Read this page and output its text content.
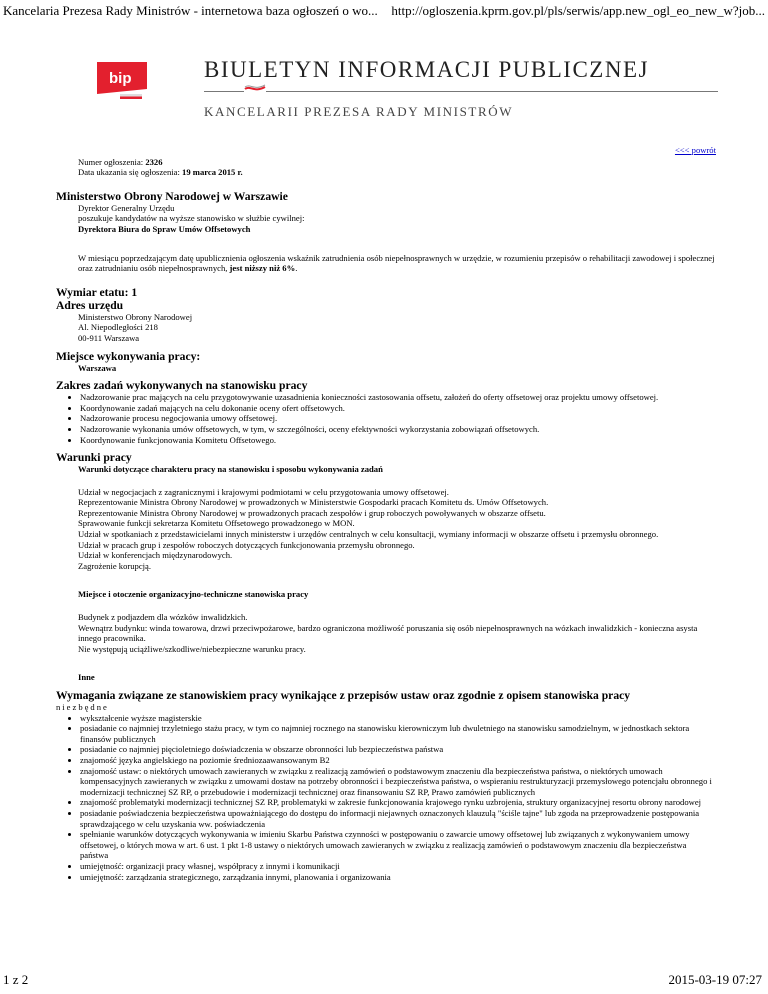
Kancelaria Prezesa Rady Ministrów - internetowa baza ogłoszeń o wo... http://ogloszenia.kprm.gov.pl/pls/serwis/app.new_ogl_eo_new_w?job...
bip	BIULETYN INFORMACJI PUBLICZNEJ
KANCELARII PREZESA RADY MINISTRÓW
<<< powrót
Numer ogłoszenia: 2326
Data ukazania się ogłoszenia: 19 marca 2015 r.
Ministerstwo Obrony Narodowej w Warszawie
Dyrektor Generalny Urzędu
poszukuje kandydatów na wyższe stanowisko w służbie cywilnej:
Dyrektora Biura do Spraw Umów Offsetowych
W miesiącu poprzedzającym datę upublicznienia ogłoszenia wskaźnik zatrudnienia osób niepełnosprawnych w urzędzie, w rozumieniu przepisów o rehabilitacji zawodowej i społecznej oraz zatrudnianiu osób niepełnosprawnych, jest niższy niż 6%.
Wymiar etatu: 1
Adres urzędu
Ministerstwo Obrony Narodowej
Al. Niepodległości 218
00-911 Warszawa
Miejsce wykonywania pracy:
Warszawa
Zakres zadań wykonywanych na stanowisku pracy
• Nadzorowanie prac mających na celu przygotowywanie uzasadnienia konieczności zastosowania offsetu, założeń do oferty offsetowej oraz projektu umowy offsetowej.
• Koordynowanie zadań mających na celu dokonanie oceny ofert offsetowych.
• Nadzorowanie procesu negocjowania umowy offsetowej.
• Nadzorowanie wykonania umów offsetowych, w tym, w szczególności, oceny efektywności wykorzystania zobowiązań offsetowych.
• Koordynowanie funkcjonowania Komitetu Offsetowego.
Warunki pracy
Warunki dotyczące charakteru pracy na stanowisku i sposobu wykonywania zadań
Udział w negocjacjach z zagranicznymi i krajowymi podmiotami w celu przygotowania umowy offsetowej.
Reprezentowanie Ministra Obrony Narodowej w prowadzonych w Ministerstwie Gospodarki pracach Komitetu ds. Umów Offsetowych.
Reprezentowanie Ministra Obrony Narodowej w prowadzonych pracach zespołów i grup roboczych powoływanych w obszarze offsetu.
Sprawowanie funkcji sekretarza Komitetu Offsetowego prowadzonego w MON.
Udział w spotkaniach z przedstawicielami innych ministerstw i urzędów centralnych w celu konsultacji, wymiany informacji w obszarze offsetu i przemysłu obronnego.
Udział w pracach grup i zespołów roboczych dotyczących funkcjonowania przemysłu obronnego.
Udział w konferencjach międzynarodowych.
Zagrożenie korupcją.
Miejsce i otoczenie organizacyjno-techniczne stanowiska pracy
Budynek z podjazdem dla wózków inwalidzkich.
Wewnątrz budynku: winda towarowa, drzwi przeciwpożarowe, bardzo ograniczona możliwość poruszania się osób niepełnosprawnych na wózkach inwalidzkich - konieczna asysta innego pracownika.
Nie występują uciążliwe/szkodliwe/niebezpieczne warunku pracy.
Inne
Wymagania związane ze stanowiskiem pracy wynikające z przepisów ustaw oraz zgodnie z opisem stanowiska pracy
niezbędne
• wykształcenie wyższe magisterskie
• posiadanie co najmniej trzyletniego stażu pracy, w tym co najmniej rocznego na stanowisku kierowniczym lub dwuletniego na stanowisku samodzielnym, w jednostkach sektora finansów publicznych
• posiadanie co najmniej pięcioletniego doświadczenia w obszarze obronności lub bezpieczeństwa państwa
• znajomość języka angielskiego na poziomie średniozaawansowanym B2
• znajomość ustaw: o niektórych umowach zawieranych w związku z realizacją zamówień o podstawowym znaczeniu dla bezpieczeństwa państwa, o niektórych umowach kompensacyjnych zawieranych w związku z umowami dostaw na potrzeby obronności i bezpieczeństwa państwa, o wspieraniu restrukturyzacji przemysłowego potencjału obronnego i modernizacji technicznej SZ RP, o przebudowie i modernizacji technicznej oraz finansowaniu SZ RP, Prawo zamówień publicznych
• znajomość problematyki modernizacji technicznej SZ RP, problematyki w zakresie funkcjonowania krajowego rynku uzbrojenia, struktury organizacyjnej resortu obrony narodowej
• posiadanie poświadczenia bezpieczeństwa upoważniającego do dostępu do informacji niejawnych oznaczonych klauzulą "ściśle tajne" lub zgoda na przeprowadzenie postępowania sprawdzającego w celu uzyskania ww. poświadczenia
• spełnianie warunków dotyczących wykonywania w imieniu Skarbu Państwa czynności w postępowaniu o zawarcie umowy offsetowej lub związanych z wykonywaniem umowy offsetowej, o których mowa w art. 6 ust. 1 pkt 1-8 ustawy o niektórych umowach zawieranych w związku z realizacją zamówień o podstawowym znaczeniu dla bezpieczeństwa państwa
• umiejętność: organizacji pracy własnej, współpracy z innymi i komunikacji
• umiejętność: zarządzania strategicznego, zarządzania innymi, planowania i organizowania
1 z 2	2015-03-19 07:27
